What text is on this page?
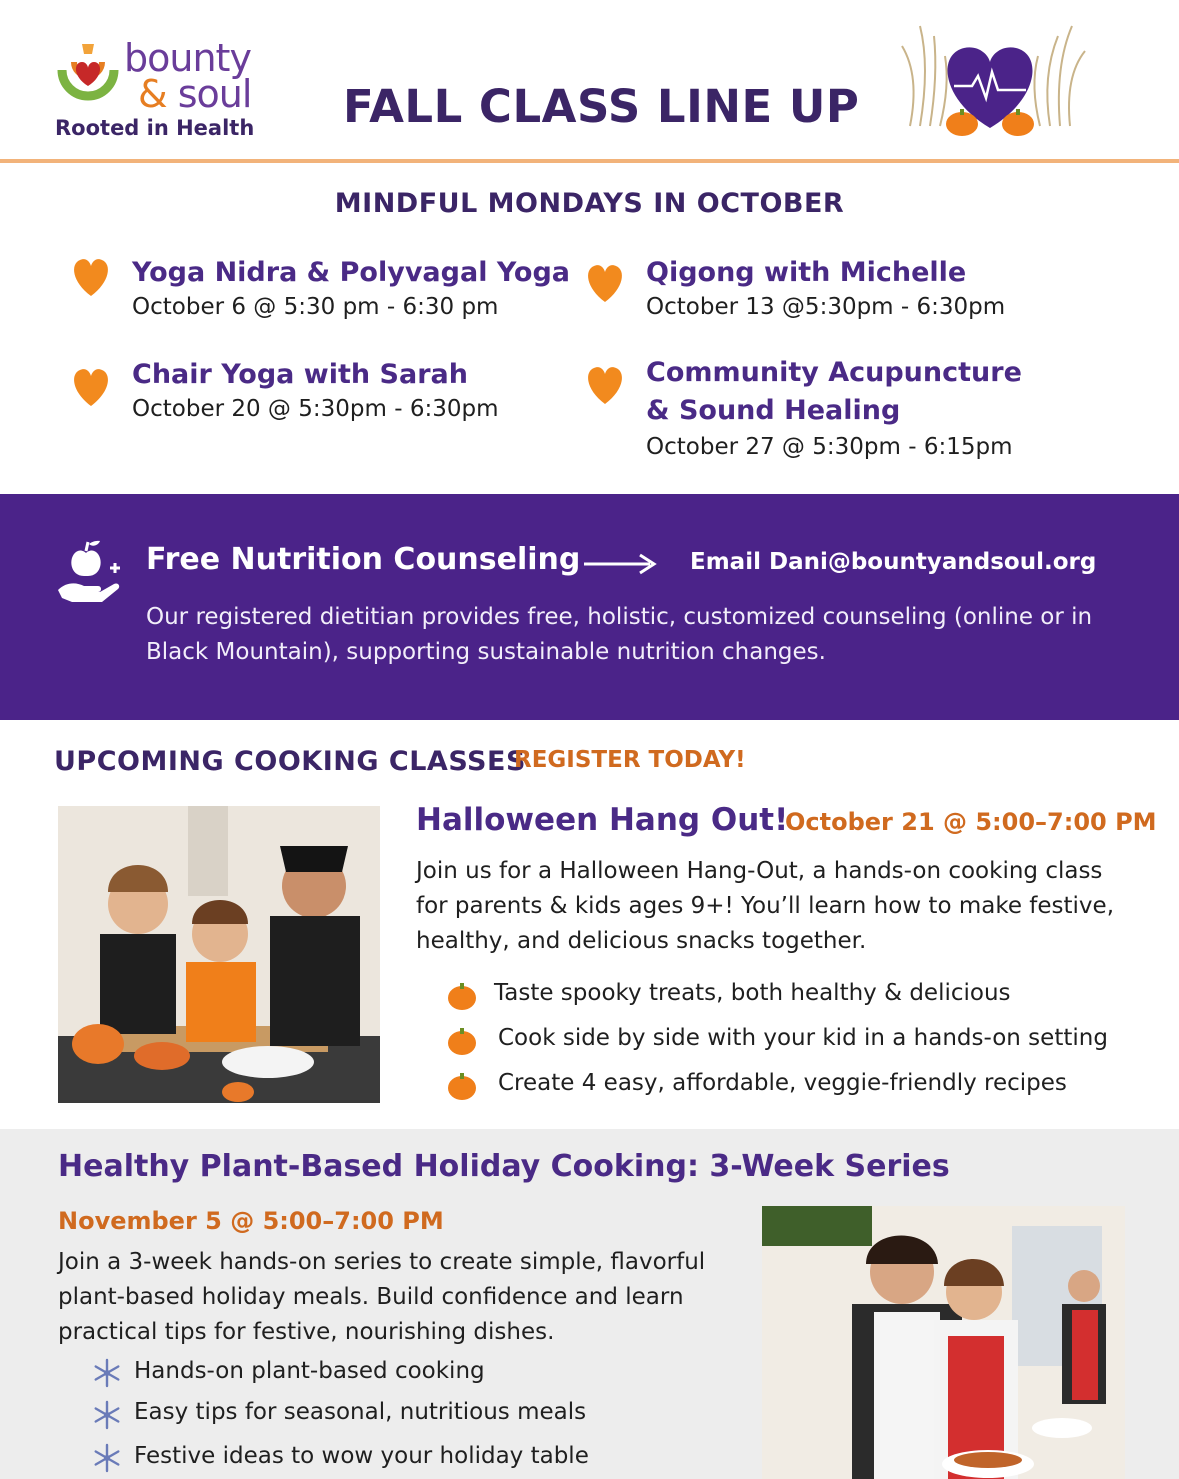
bounty
& soul
Rooted in Health FALL CLASS LINE UP
MINDFUL MONDAYS IN OCTOBER
Yoga Nidra & Polyvagal Yoga
October 6 @ 5:30 pm - 6:30 pm
Qigong with Michelle
October 13 @5:30pm - 6:30pm
Chair Yoga with Sarah
October 20 @ 5:30pm - 6:30pm
Community Acupuncture
& Sound Healing
October 27 @ 5:30pm - 6:15pm
Free Nutrition Counseling	Email Dani@bountyandsoul.org

Our registered dietitian provides free, holistic, customized counseling (online or in Black Mountain), supporting sustainable nutrition changes.

UPCOMING COOKING CLASSES
REGISTER TODAY!
Halloween Hang Out!
October 21 @ 5:00–7:00 PM

Join us for a Halloween Hang-Out, a hands-on cooking class for parents & kids ages 9+! You’ll learn how to make festive, healthy, and delicious snacks together.

Taste spooky treats, both healthy & delicious
Cook side by side with your kid in a hands-on setting
Create 4 easy, affordable, veggie-friendly recipes
Healthy Plant-Based Holiday Cooking: 3-Week Series
November 5 @ 5:00–7:00 PM

Join a 3-week hands-on series to create simple, flavorful plant-based holiday meals. Build confidence and learn practical tips for festive, nourishing dishes.

Hands-on plant-based cooking
Easy tips for seasonal, nutritious meals
Festive ideas to wow your holiday table
